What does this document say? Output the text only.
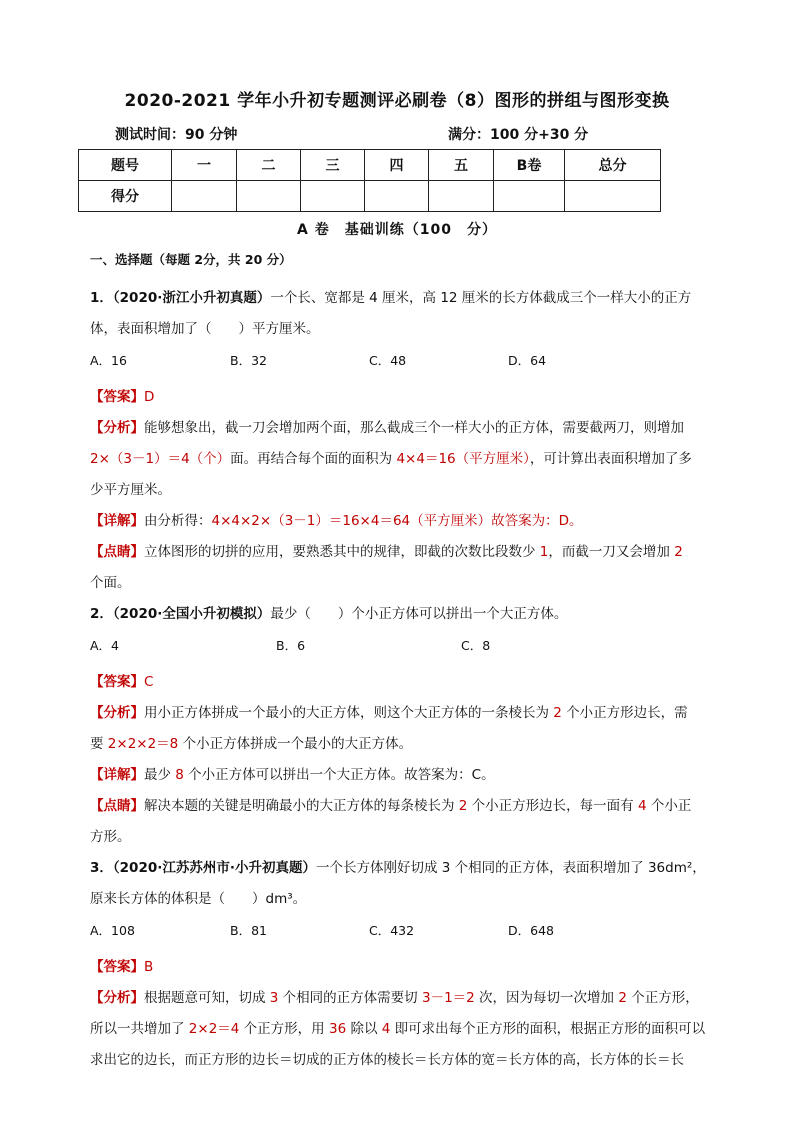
2020-2021 学年小升初专题测评必刷卷（8）图形的拼组与图形变换
测试时间：90 分钟	满分：100 分+30 分
题号	一	二	三	四	五	B卷	总分
得分							
A 卷　基础训练（100　分）
一、选择题（每题 2分，共 20 分）
1．（2020·浙江小升初真题）一个长、宽都是 4 厘米，高 12 厘米的长方体截成三个一样大小的正方
体，表面积增加了（　　）平方厘米。
A．16	B．32	C．48	D．64
【答案】D
【分析】能够想象出，截一刀会增加两个面，那么截成三个一样大小的正方体，需要截两刀，则增加
2×（3－1）＝4（个）面。再结合每个面的面积为 4×4＝16（平方厘米），可计算出表面积增加了多
少平方厘米。
【详解】由分析得：4×4×2×（3－1）＝16×4＝64（平方厘米）故答案为：D。
【点睛】立体图形的切拼的应用，要熟悉其中的规律，即截的次数比段数少 1，而截一刀又会增加 2
个面。
2．（2020·全国小升初模拟）最少（　　）个小正方体可以拼出一个大正方体。
A．4	B．6	C．8
【答案】C
【分析】用小正方体拼成一个最小的大正方体，则这个大正方体的一条棱长为 2 个小正方形边长，需
要 2×2×2＝8 个小正方体拼成一个最小的大正方体。
【详解】最少 8 个小正方体可以拼出一个大正方体。故答案为：C。
【点睛】解决本题的关键是明确最小的大正方体的每条棱长为 2 个小正方形边长，每一面有 4 个小正
方形。
3．（2020·江苏苏州市·小升初真题）一个长方体刚好切成 3 个相同的正方体，表面积增加了 36dm²，
原来长方体的体积是（　　）dm³。
A．108	B．81	C．432	D．648
【答案】B
【分析】根据题意可知，切成 3 个相同的正方体需要切 3－1＝2 次，因为每切一次增加 2 个正方形，
所以一共增加了 2×2＝4 个正方形，用 36 除以 4 即可求出每个正方形的面积，根据正方形的面积可以
求出它的边长，而正方形的边长＝切成的正方体的棱长＝长方体的宽＝长方体的高，长方体的长＝长
